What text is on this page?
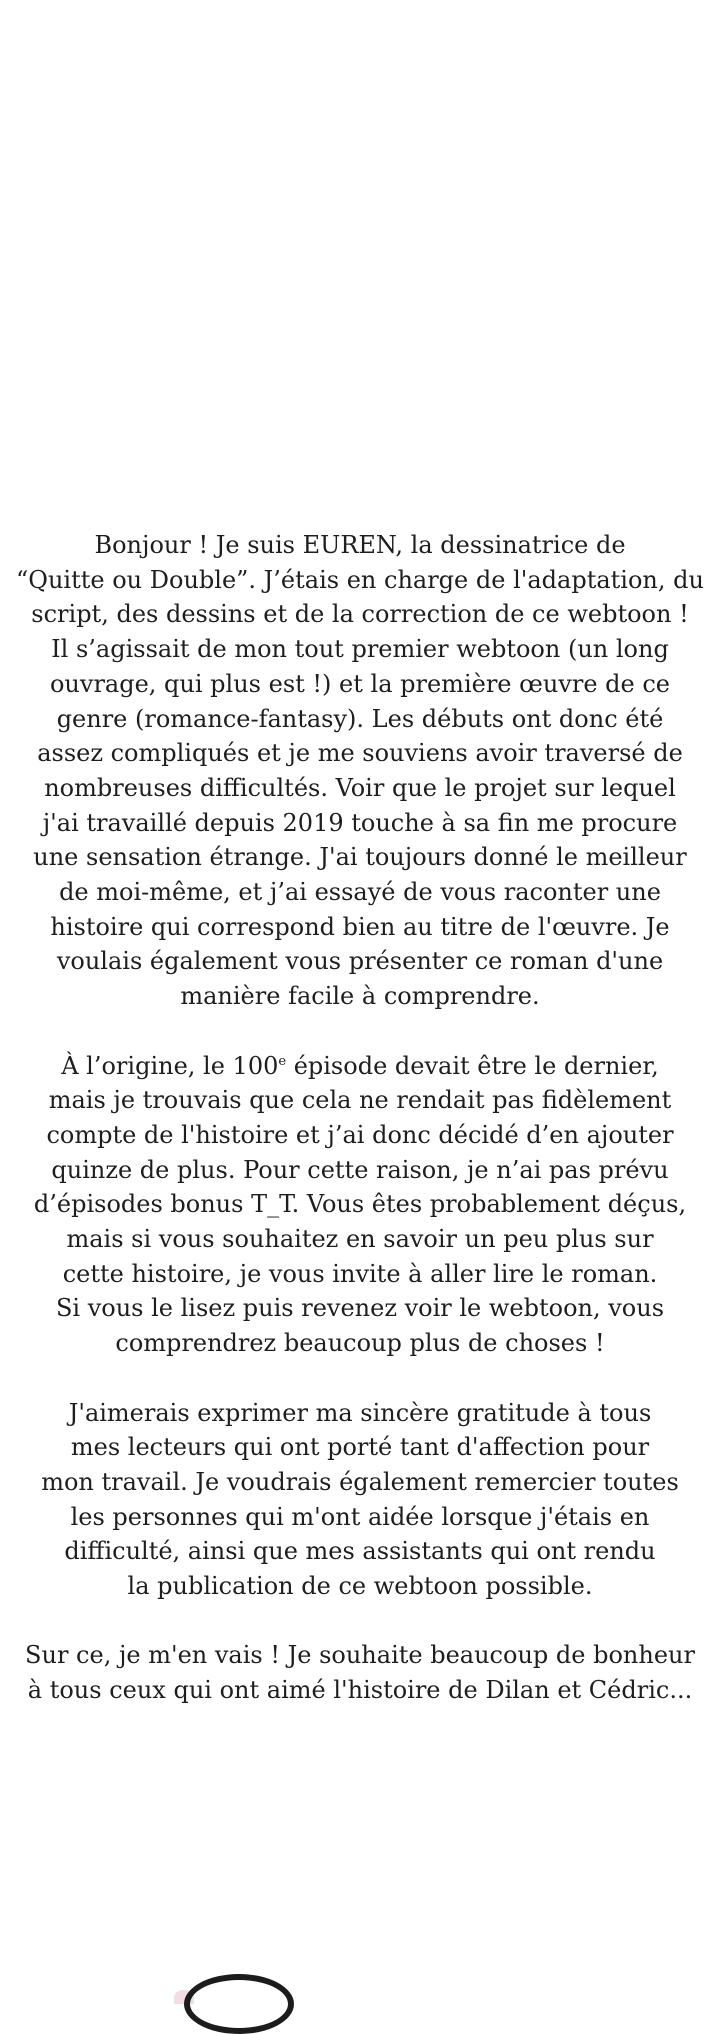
Bonjour ! Je suis EUREN, la dessinatrice de
“Quitte ou Double”. J’étais en charge de l'adaptation, du
script, des dessins et de la correction de ce webtoon !
Il s’agissait de mon tout premier webtoon (un long
ouvrage, qui plus est !) et la première œuvre de ce
genre (romance-fantasy). Les débuts ont donc été
assez compliqués et je me souviens avoir traversé de
nombreuses difficultés. Voir que le projet sur lequel
j'ai travaillé depuis 2019 touche à sa fin me procure
une sensation étrange. J'ai toujours donné le meilleur
de moi-même, et j’ai essayé de vous raconter une
histoire qui correspond bien au titre de l'œuvre. Je
voulais également vous présenter ce roman d'une
manière facile à comprendre.
À l’origine, le 100e épisode devait être le dernier,
mais je trouvais que cela ne rendait pas fidèlement
compte de l'histoire et j’ai donc décidé d’en ajouter
quinze de plus. Pour cette raison, je n’ai pas prévu
d’épisodes bonus T_T. Vous êtes probablement déçus,
mais si vous souhaitez en savoir un peu plus sur
cette histoire, je vous invite à aller lire le roman.
Si vous le lisez puis revenez voir le webtoon, vous
comprendrez beaucoup plus de choses !
J'aimerais exprimer ma sincère gratitude à tous
mes lecteurs qui ont porté tant d'affection pour
mon travail. Je voudrais également remercier toutes
les personnes qui m'ont aidée lorsque j'étais en
difficulté, ainsi que mes assistants qui ont rendu
la publication de ce webtoon possible.
Sur ce, je m'en vais ! Je souhaite beaucoup de bonheur
à tous ceux qui ont aimé l'histoire de Dilan et Cédric...
